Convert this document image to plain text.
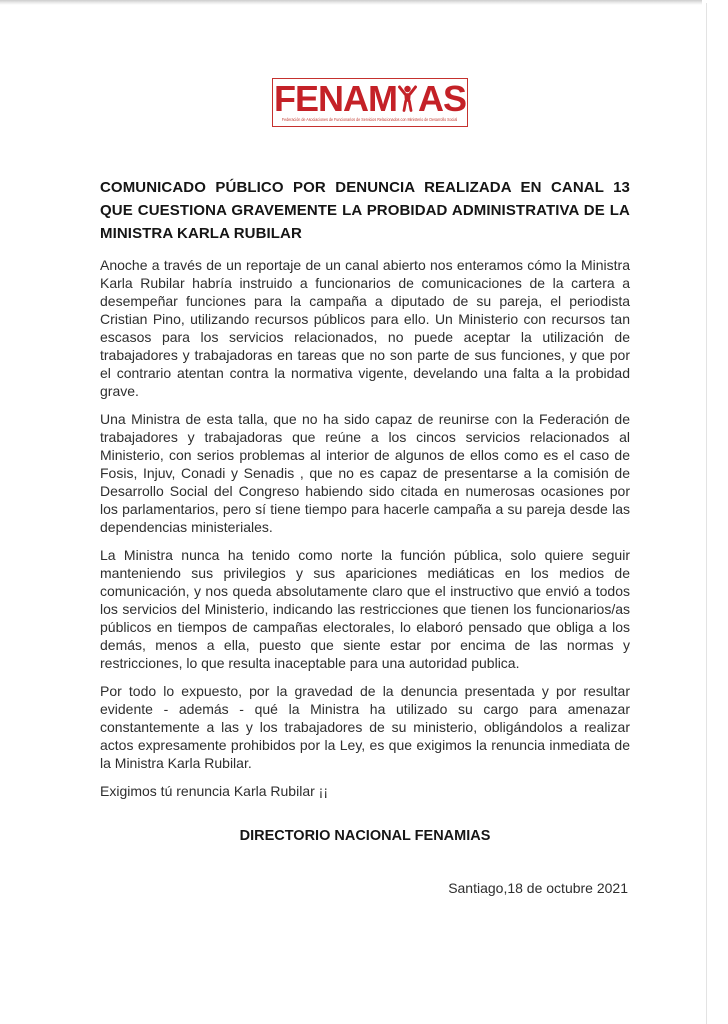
FENAM AS
Federación de Asociaciones de Funcionarios de Servicios Relacionados con Ministerio de Desarrollo Social
COMUNICADO PÚBLICO POR DENUNCIA REALIZADA EN CANAL 13 QUE CUESTIONA GRAVEMENTE LA PROBIDAD ADMINISTRATIVA DE LA MINISTRA KARLA RUBILAR

Anoche a través de un reportaje de un canal abierto nos enteramos cómo la Ministra Karla Rubilar habría instruido a funcionarios de comunicaciones de la cartera a desempeñar funciones para la campaña a diputado de su pareja, el periodista Cristian Pino, utilizando recursos públicos para ello. Un Ministerio con recursos tan escasos para los servicios relacionados, no puede aceptar la utilización de trabajadores y trabajadoras en tareas que no son parte de sus funciones, y que por el contrario atentan contra la normativa vigente, develando una falta a la probidad grave.

Una Ministra de esta talla, que no ha sido capaz de reunirse con la Federación de trabajadores y trabajadoras que reúne a los cincos servicios relacionados al Ministerio, con serios problemas al interior de algunos de ellos como es el caso de Fosis, Injuv, Conadi y Senadis , que no es capaz de presentarse a la comisión de Desarrollo Social del Congreso habiendo sido citada en numerosas ocasiones por los parlamentarios, pero sí tiene tiempo para hacerle campaña a su pareja desde las dependencias ministeriales.

La Ministra nunca ha tenido como norte la función pública, solo quiere seguir manteniendo sus privilegios y sus apariciones mediáticas en los medios de comunicación, y nos queda absolutamente claro que el instructivo que envió a todos los servicios del Ministerio, indicando las restricciones que tienen los funcionarios/as públicos en tiempos de campañas electorales, lo elaboró pensado que obliga a los demás, menos a ella, puesto que siente estar por encima de las normas y restricciones, lo que resulta inaceptable para una autoridad publica.

Por todo lo expuesto, por la gravedad de la denuncia presentada y por resultar evidente - además - qué la Ministra ha utilizado su cargo para amenazar constantemente a las y los trabajadores de su ministerio, obligándolos a realizar actos expresamente prohibidos por la Ley, es que exigimos la renuncia inmediata de la Ministra Karla Rubilar.

Exigimos tú renuncia Karla Rubilar ¡¡

DIRECTORIO NACIONAL FENAMIAS

Santiago,18 de octubre 2021
